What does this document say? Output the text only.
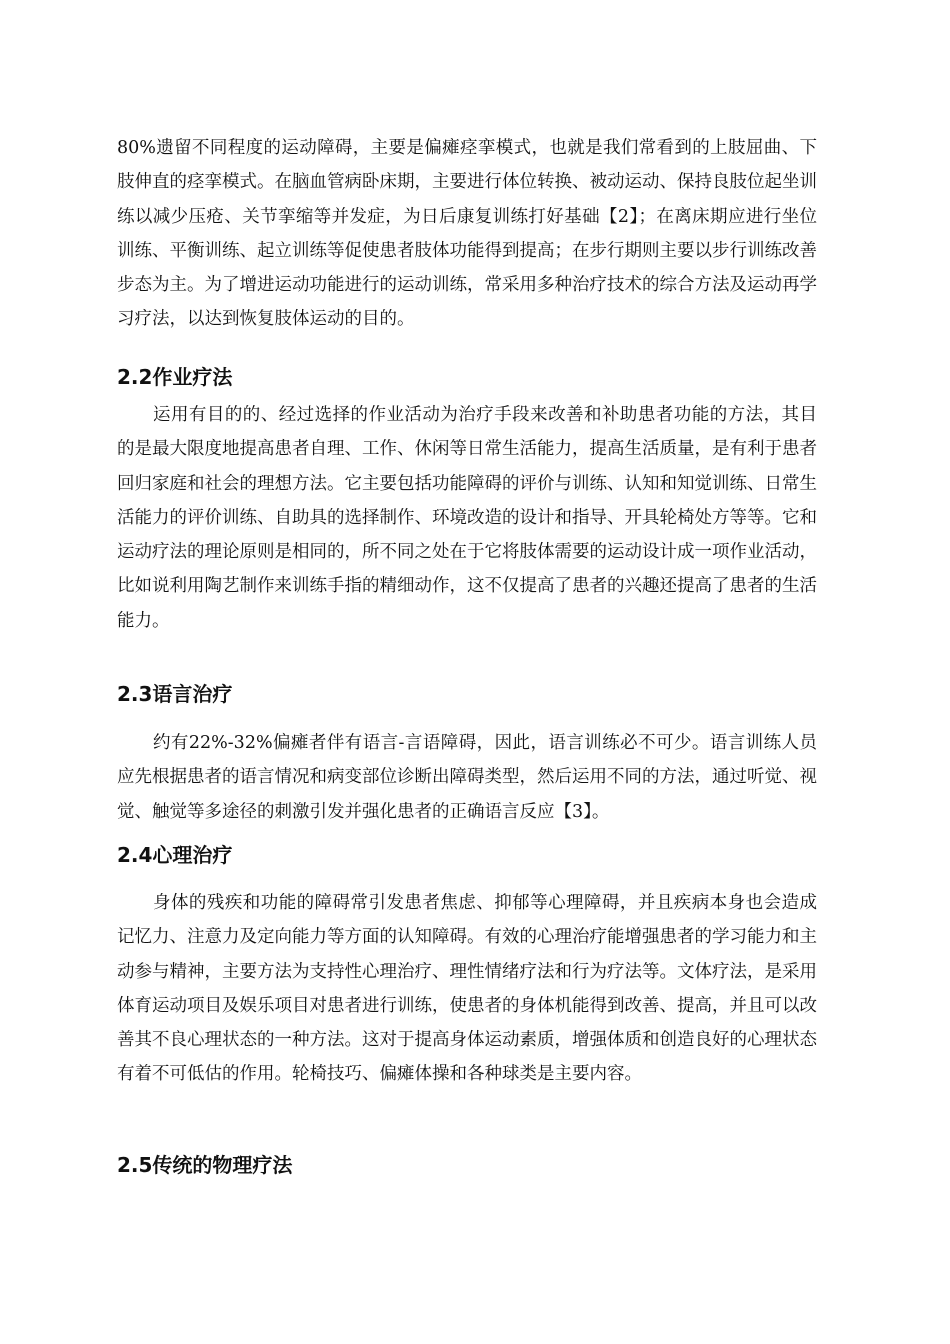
80%遗留不同程度的运动障碍，主要是偏瘫痉挛模式，也就是我们常看到的上肢屈曲、下肢伸直的痉挛模式。在脑血管病卧床期，主要进行体位转换、被动运动、保持良肢位起坐训练以减少压疮、关节挛缩等并发症，为日后康复训练打好基础【2】；在离床期应进行坐位训练、平衡训练、起立训练等促使患者肢体功能得到提高；在步行期则主要以步行训练改善步态为主。为了增进运动功能进行的运动训练，常采用多种治疗技术的综合方法及运动再学习疗法，以达到恢复肢体运动的目的。

2.2作业疗法

运用有目的的、经过选择的作业活动为治疗手段来改善和补助患者功能的方法，其目的是最大限度地提高患者自理、工作、休闲等日常生活能力，提高生活质量，是有利于患者回归家庭和社会的理想方法。它主要包括功能障碍的评价与训练、认知和知觉训练、日常生活能力的评价训练、自助具的选择制作、环境改造的设计和指导、开具轮椅处方等等。它和运动疗法的理论原则是相同的，所不同之处在于它将肢体需要的运动设计成一项作业活动，比如说利用陶艺制作来训练手指的精细动作，这不仅提高了患者的兴趣还提高了患者的生活能力。

2.3语言治疗

约有22%-32%偏瘫者伴有语言-言语障碍，因此，语言训练必不可少。语言训练人员应先根据患者的语言情况和病变部位诊断出障碍类型，然后运用不同的方法，通过听觉、视觉、触觉等多途径的刺激引发并强化患者的正确语言反应【3】。

2.4心理治疗

身体的残疾和功能的障碍常引发患者焦虑、抑郁等心理障碍，并且疾病本身也会造成记忆力、注意力及定向能力等方面的认知障碍。有效的心理治疗能增强患者的学习能力和主动参与精神，主要方法为支持性心理治疗、理性情绪疗法和行为疗法等。文体疗法，是采用体育运动项目及娱乐项目对患者进行训练，使患者的身体机能得到改善、提高，并且可以改善其不良心理状态的一种方法。这对于提高身体运动素质，增强体质和创造良好的心理状态有着不可低估的作用。轮椅技巧、偏瘫体操和各种球类是主要内容。

2.5传统的物理疗法
